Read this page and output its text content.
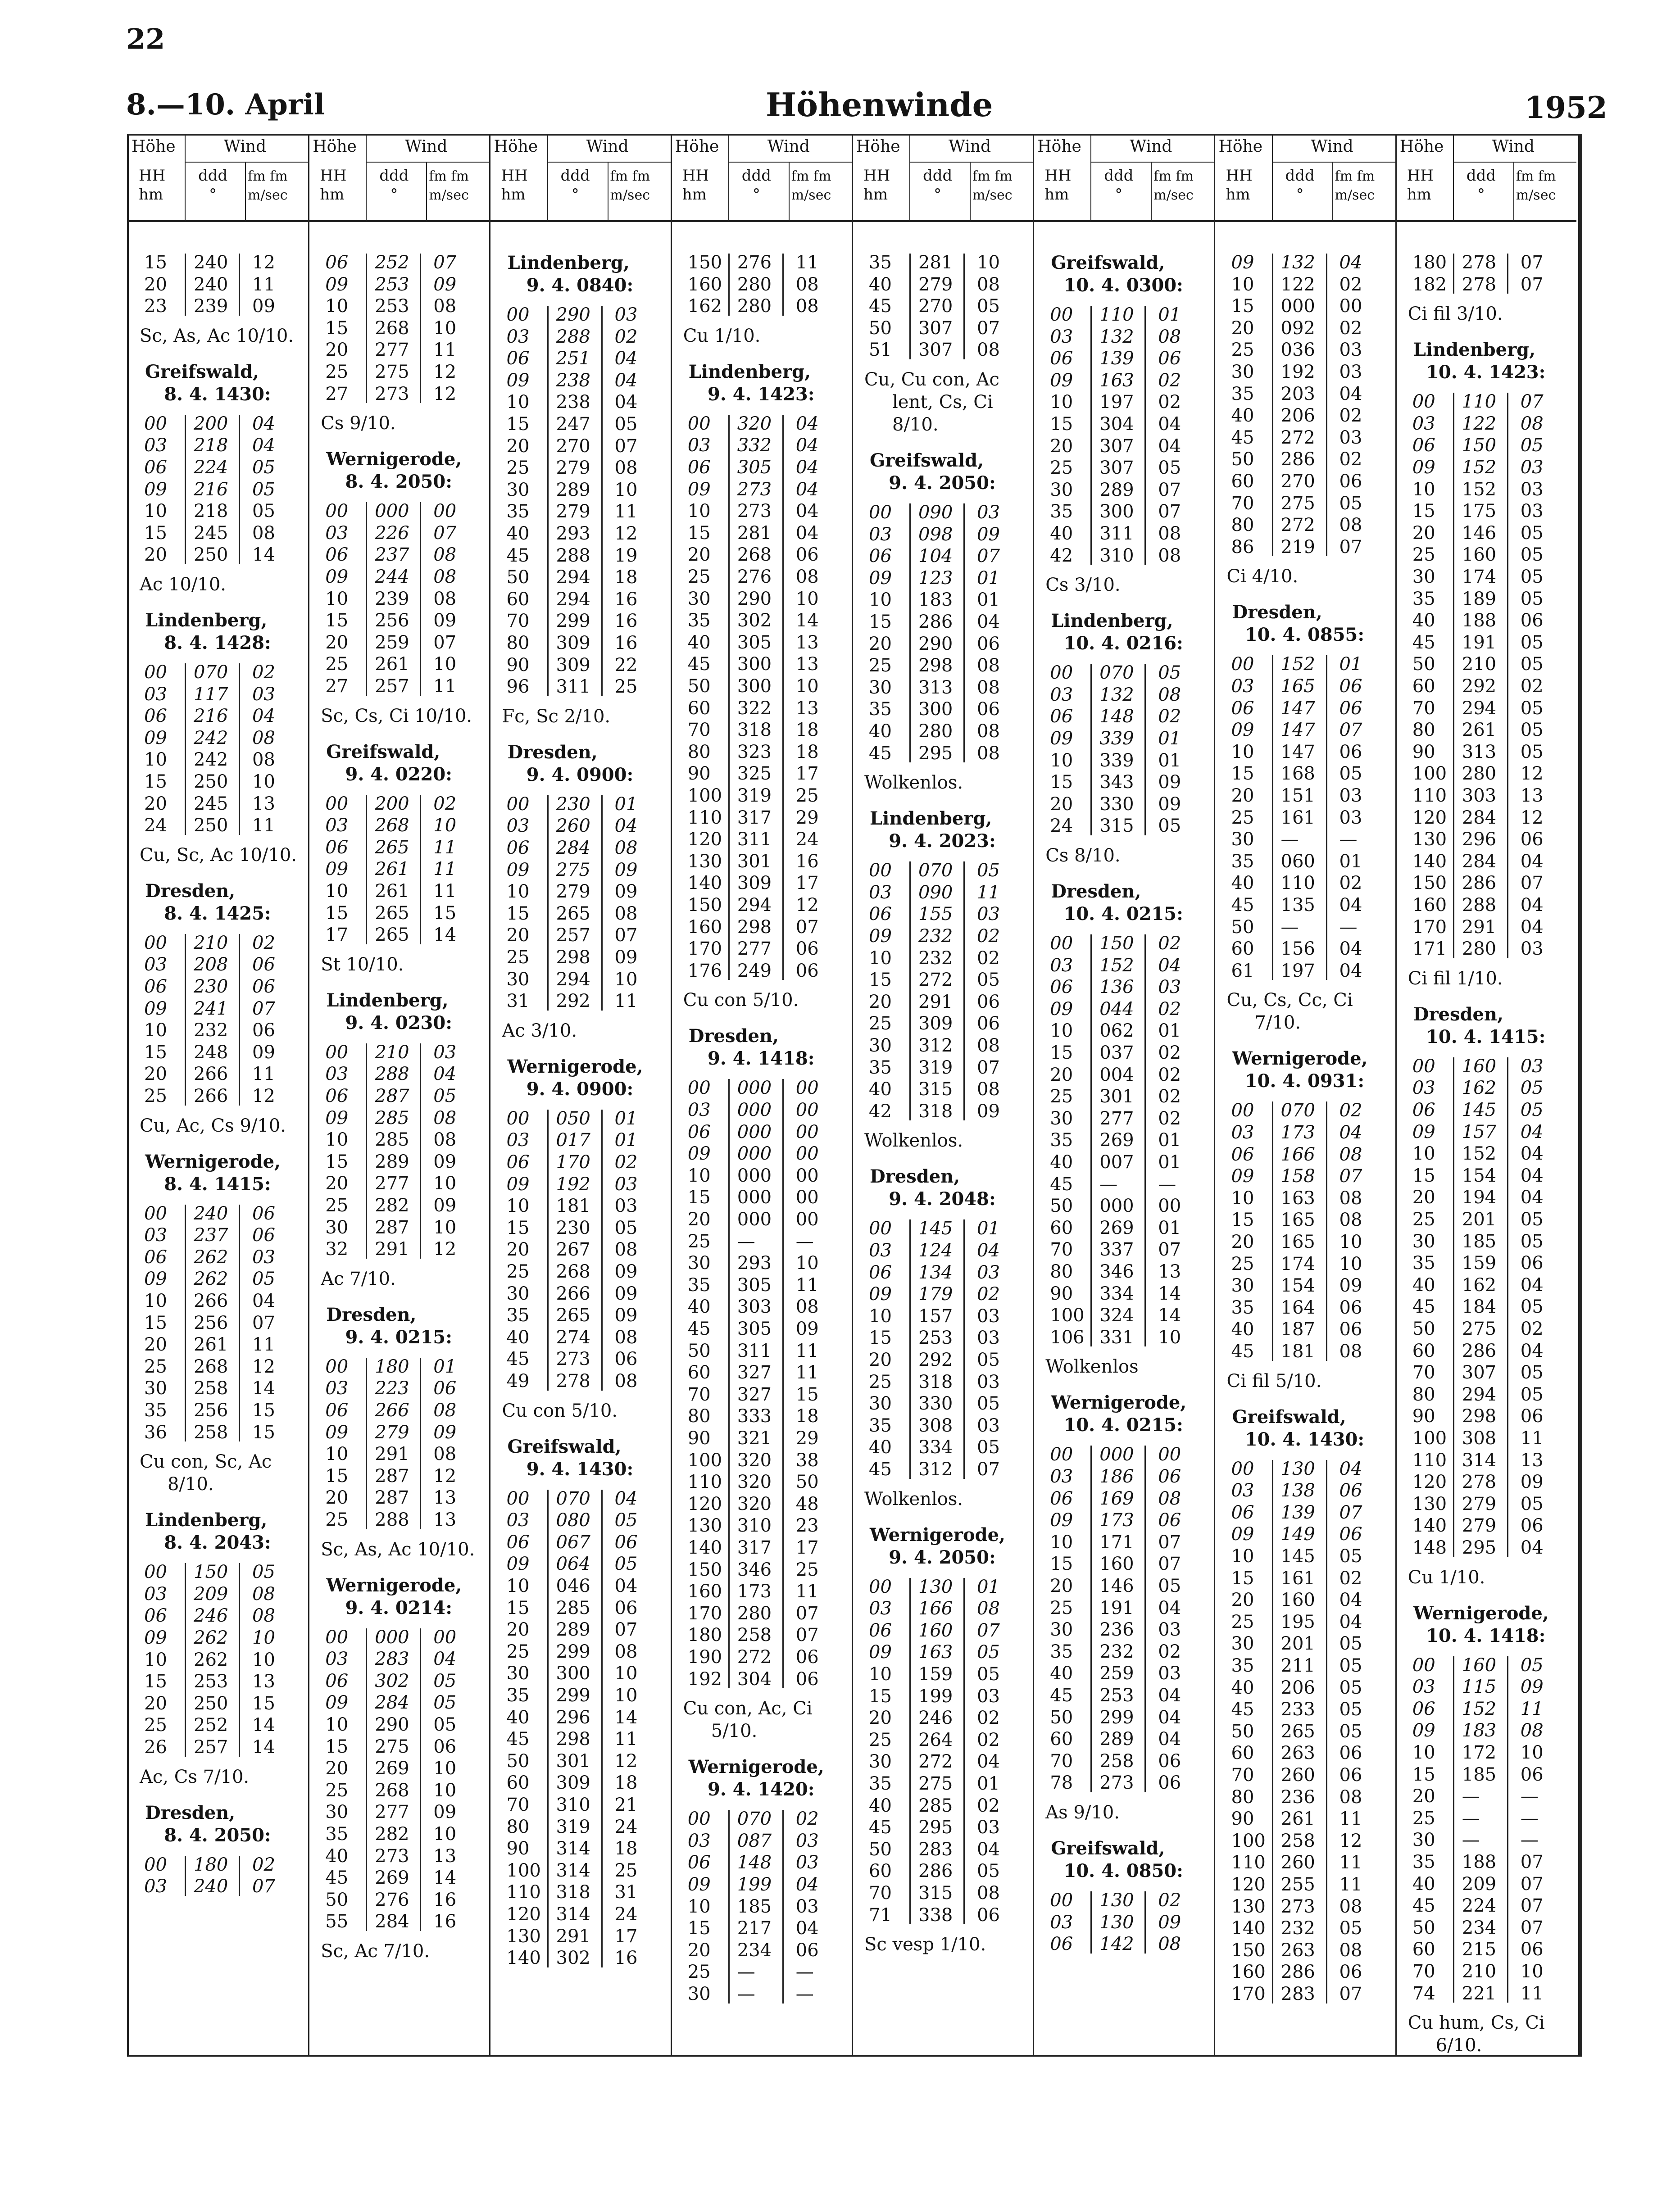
22
8.—10. April	Höhenwinde	1952
Höhe	Wind
HH
hm
ddd
°
fm fm
m/sec
15	240	12
20	240	11
23	239	09
Sc, As, Ac 10/10.
Greifswald,
8. 4. 1430:
00	200	04
03	218	04
06	224	05
09	216	05
10	218	05
15	245	08
20	250	14
Ac 10/10.
Lindenberg,
8. 4. 1428:
00	070	02
03	117	03
06	216	04
09	242	08
10	242	08
15	250	10
20	245	13
24	250	11
Cu, Sc, Ac 10/10.
Dresden,
8. 4. 1425:
00	210	02
03	208	06
06	230	06
09	241	07
10	232	06
15	248	09
20	266	11
25	266	12
Cu, Ac, Cs 9/10.
Wernigerode,
8. 4. 1415:
00	240	06
03	237	06
06	262	03
09	262	05
10	266	04
15	256	07
20	261	11
25	268	12
30	258	14
35	256	15
36	258	15
Cu con, Sc, Ac
8/10.
Lindenberg,
8. 4. 2043:
00	150	05
03	209	08
06	246	08
09	262	10
10	262	10
15	253	13
20	250	15
25	252	14
26	257	14
Ac, Cs 7/10.
Dresden,
8. 4. 2050:
00	180	02
03	240	07
Höhe	Wind
HH
hm
ddd
°
fm fm
m/sec
06	252	07
09	253	09
10	253	08
15	268	10
20	277	11
25	275	12
27	273	12
Cs 9/10.
Wernigerode,
8. 4. 2050:
00	000	00
03	226	07
06	237	08
09	244	08
10	239	08
15	256	09
20	259	07
25	261	10
27	257	11
Sc, Cs, Ci 10/10.
Greifswald,
9. 4. 0220:
00	200	02
03	268	10
06	265	11
09	261	11
10	261	11
15	265	15
17	265	14
St 10/10.
Lindenberg,
9. 4. 0230:
00	210	03
03	288	04
06	287	05
09	285	08
10	285	08
15	289	09
20	277	10
25	282	09
30	287	10
32	291	12
Ac 7/10.
Dresden,
9. 4. 0215:
00	180	01
03	223	06
06	266	08
09	279	09
10	291	08
15	287	12
20	287	13
25	288	13
Sc, As, Ac 10/10.
Wernigerode,
9. 4. 0214:
00	000	00
03	283	04
06	302	05
09	284	05
10	290	05
15	275	06
20	269	10
25	268	10
30	277	09
35	282	10
40	273	13
45	269	14
50	276	16
55	284	16
Sc, Ac 7/10.
Höhe	Wind
HH
hm
ddd
°
fm fm
m/sec
Lindenberg,
9. 4. 0840:
00	290	03
03	288	02
06	251	04
09	238	04
10	238	04
15	247	05
20	270	07
25	279	08
30	289	10
35	279	11
40	293	12
45	288	19
50	294	18
60	294	16
70	299	16
80	309	16
90	309	22
96	311	25
Fc, Sc 2/10.
Dresden,
9. 4. 0900:
00	230	01
03	260	04
06	284	08
09	275	09
10	279	09
15	265	08
20	257	07
25	298	09
30	294	10
31	292	11
Ac 3/10.
Wernigerode,
9. 4. 0900:
00	050	01
03	017	01
06	170	02
09	192	03
10	181	03
15	230	05
20	267	08
25	268	09
30	266	09
35	265	09
40	274	08
45	273	06
49	278	08
Cu con 5/10.
Greifswald,
9. 4. 1430:
00	070	04
03	080	05
06	067	06
09	064	05
10	046	04
15	285	06
20	289	07
25	299	08
30	300	10
35	299	10
40	296	14
45	298	11
50	301	12
60	309	18
70	310	21
80	319	24
90	314	18
100 314	25
110 318	31
120 314	24
130 291	17
140 302	16
Höhe	Wind
HH
hm
ddd
°
fm fm
m/sec
150 276	11
160 280	08
162 280	08
Cu 1/10.
Lindenberg,
9. 4. 1423:
00	320	04
03	332	04
06	305	04
09	273	04
10	273	04
15	281	04
20	268	06
25	276	08
30	290	10
35	302	14
40	305	13
45	300	13
50	300	10
60	322	13
70	318	18
80	323	18
90	325	17
100 319	25
110 317	29
120 311	24
130 301	16
140 309	17
150 294	12
160 298	07
170 277	06
176 249	06
Cu con 5/10.
Dresden,
9. 4. 1418:
00	000	00
03	000	00
06	000	00
09	000	00
10	000	00
15	000	00
20	000	00
25	—	—
30	293	10
35	305	11
40	303	08
45	305	09
50	311	11
60	327	11
70	327	15
80	333	18
90	321	29
100 320	38
110 320	50
120 320	48
130 310	23
140 317	17
150 346	25
160 173	11
170 280	07
180 258	07
190 272	06
192 304	06
Cu con, Ac, Ci
5/10.
Wernigerode,
9. 4. 1420:
00	070	02
03	087	03
06	148	03
09	199	04
10	185	03
15	217	04
20	234	06
25	—	—
30	—	—
Höhe	Wind
HH
hm
ddd
°
fm fm
m/sec
35	281	10
40	279	08
45	270	05
50	307	07
51	307	08
Cu, Cu con, Ac
lent, Cs, Ci
8/10.
Greifswald,
9. 4. 2050:
00	090	03
03	098	09
06	104	07
09	123	01
10	183	01
15	286	04
20	290	06
25	298	08
30	313	08
35	300	06
40	280	08
45	295	08
Wolkenlos.
Lindenberg,
9. 4. 2023:
00	070	05
03	090	11
06	155	03
09	232	02
10	232	02
15	272	05
20	291	06
25	309	06
30	312	08
35	319	07
40	315	08
42	318	09
Wolkenlos.
Dresden,
9. 4. 2048:
00	145	01
03	124	04
06	134	03
09	179	02
10	157	03
15	253	03
20	292	05
25	318	03
30	330	05
35	308	03
40	334	05
45	312	07
Wolkenlos.
Wernigerode,
9. 4. 2050:
00	130	01
03	166	08
06	160	07
09	163	05
10	159	05
15	199	03
20	246	02
25	264	02
30	272	04
35	275	01
40	285	02
45	295	03
50	283	04
60	286	05
70	315	08
71	338	06
Sc vesp 1/10.
Höhe	Wind
HH
hm
ddd
°
fm fm
m/sec
Greifswald,
10. 4. 0300:
00	110	01
03	132	08
06	139	06
09	163	02
10	197	02
15	304	04
20	307	04
25	307	05
30	289	07
35	300	07
40	311	08
42	310	08
Cs 3/10.
Lindenberg,
10. 4. 0216:
00	070	05
03	132	08
06	148	02
09	339	01
10	339	01
15	343	09
20	330	09
24	315	05
Cs 8/10.
Dresden,
10. 4. 0215:
00	150	02
03	152	04
06	136	03
09	044	02
10	062	01
15	037	02
20	004	02
25	301	02
30	277	02
35	269	01
40	007	01
45	—	—
50	000	00
60	269	01
70	337	07
80	346	13
90	334	14
100 324	14
106 331	10
Wolkenlos
Wernigerode,
10. 4. 0215:
00	000	00
03	186	06
06	169	08
09	173	06
10	171	07
15	160	07
20	146	05
25	191	04
30	236	03
35	232	02
40	259	03
45	253	04
50	299	04
60	289	04
70	258	06
78	273	06
As 9/10.
Greifswald,
10. 4. 0850:
00	130	02
03	130	09
06	142	08
Höhe	Wind
HH
hm
ddd
°
fm fm
m/sec
09	132	04
10	122	02
15	000	00
20	092	02
25	036	03
30	192	03
35	203	04
40	206	02
45	272	03
50	286	02
60	270	06
70	275	05
80	272	08
86	219	07
Ci 4/10.
Dresden,
10. 4. 0855:
00	152	01
03	165	06
06	147	06
09	147	07
10	147	06
15	168	05
20	151	03
25	161	03
30	—	—
35	060	01
40	110	02
45	135	04
50	—	—
60	156	04
61	197	04
Cu, Cs, Cc, Ci
7/10.
Wernigerode,
10. 4. 0931:
00	070	02
03	173	04
06	166	08
09	158	07
10	163	08
15	165	08
20	165	10
25	174	10
30	154	09
35	164	06
40	187	06
45	181	08
Ci fil 5/10.
Greifswald,
10. 4. 1430:
00	130	04
03	138	06
06	139	07
09	149	06
10	145	05
15	161	02
20	160	04
25	195	04
30	201	05
35	211	05
40	206	05
45	233	05
50	265	05
60	263	06
70	260	06
80	236	08
90	261	11
100 258	12
110 260	11
120 255	11
130 273	08
140 232	05
150 263	08
160 286	06
170 283	07
Höhe	Wind
HH
hm
ddd
°
fm fm
m/sec
180 278	07
182 278	07
Ci fil 3/10.
Lindenberg,
10. 4. 1423:
00	110	07
03	122	08
06	150	05
09	152	03
10	152	03
15	175	03
20	146	05
25	160	05
30	174	05
35	189	05
40	188	06
45	191	05
50	210	05
60	292	02
70	294	05
80	261	05
90	313	05
100 280	12
110 303	13
120 284	12
130 296	06
140 284	04
150 286	07
160 288	04
170 291	04
171 280	03
Ci fil 1/10.
Dresden,
10. 4. 1415:
00	160	03
03	162	05
06	145	05
09	157	04
10	152	04
15	154	04
20	194	04
25	201	05
30	185	05
35	159	06
40	162	04
45	184	05
50	275	02
60	286	04
70	307	05
80	294	05
90	298	06
100 308	11
110 314	13
120 278	09
130 279	05
140 279	06
148 295	04
Cu 1/10.
Wernigerode,
10. 4. 1418:
00	160	05
03	115	09
06	152	11
09	183	08
10	172	10
15	185	06
20	—	—
25	—	—
30	—	—
35	188	07
40	209	07
45	224	07
50	234	07
60	215	06
70	210	10
74	221	11
Cu hum, Cs, Ci
6/10.
